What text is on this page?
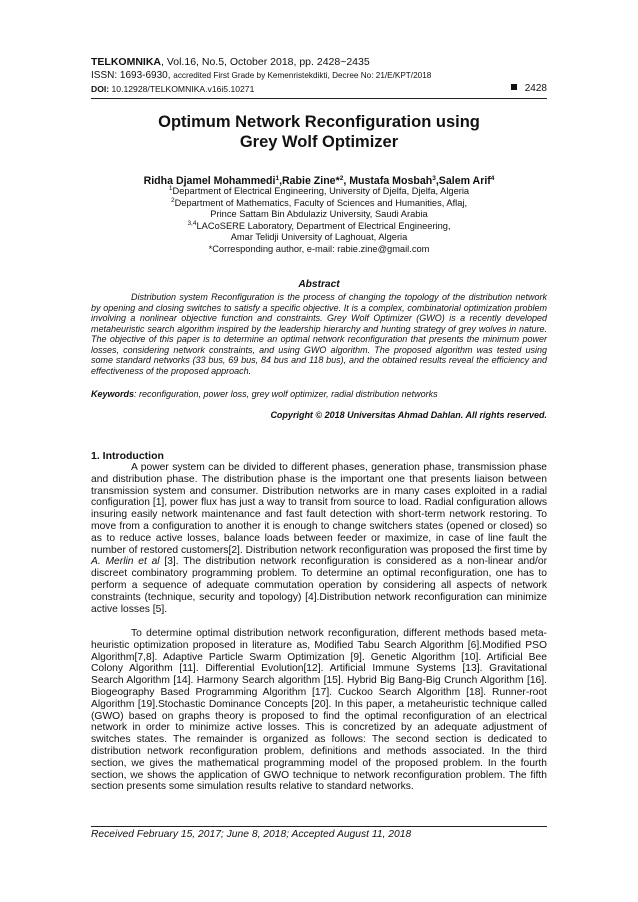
TELKOMNIKA, Vol.16, No.5, October 2018, pp. 2428~2435
ISSN: 1693-6930, accredited First Grade by Kemenristekdikti, Decree No: 21/E/KPT/2018
DOI: 10.12928/TELKOMNIKA.v16i5.10271	2428
Optimum Network Reconfiguration using
Grey Wolf Optimizer
Ridha Djamel Mohammedi$^1$,Rabie Zine*$^2$, Mustafa Mosbah$^3$,Salem Arif$^4$
$^1$Department of Electrical Engineering, University of Djelfa, Djelfa, Algeria
$^2$Department of Mathematics, Faculty of Sciences and Humanities, Aflaj,
Prince Sattam Bin Abdulaziz University, Saudi Arabia
$^{3,4}$LACoSERE Laboratory, Department of Electrical Engineering,
Amar Telidji University of Laghouat, Algeria
*Corresponding author, e-mail: rabie.zine@gmail.com
Abstract

Distribution system Reconfiguration is the process of changing the topology of the distribution network by opening and closing switches to satisfy a specific objective. It is a complex, combinatorial optimization problem involving a nonlinear objective function and constraints. Grey Wolf Optimizer (GWO) is a recently developed metaheuristic search algorithm inspired by the leadership hierarchy and hunting strategy of grey wolves in nature. The objective of this paper is to determine an optimal network reconfiguration that presents the minimum power losses, considering network constraints, and using GWO algorithm. The proposed algorithm was tested using some standard networks (33 bus, 69 bus, 84 bus and 118 bus), and the obtained results reveal the efficiency and effectiveness of the proposed approach.

Keywords: reconfiguration, power loss, grey wolf optimizer, radial distribution networks
Copyright © 2018 Universitas Ahmad Dahlan. All rights reserved.
1. Introduction

A power system can be divided to different phases, generation phase, transmission phase and distribution phase. The distribution phase is the important one that presents liaison between transmission system and consumer. Distribution networks are in many cases exploited in a radial configuration [1], power flux has just a way to transit from source to load. Radial configuration allows insuring easily network maintenance and fast fault detection with short-term network restoring. To move from a configuration to another it is enough to change switchers states (opened or closed) so as to reduce active losses, balance loads between feeder or maximize, in case of line fault the number of restored customers[2]. Distribution network reconfiguration was proposed the first time by A. Merlin et al [3]. The distribution network reconfiguration is considered as a non-linear and/or discreet combinatory programming problem. To determine an optimal reconfiguration, one has to perform a sequence of adequate commutation operation by considering all aspects of network constraints (technique, security and topology) [4].Distribution network reconfiguration can minimize active losses [5].

To determine optimal distribution network reconfiguration, different methods based meta-heuristic optimization proposed in literature as, Modified Tabu Search Algorithm [6].Modified PSO Algorithm[7,8]. Adaptive Particle Swarm Optimization [9]. Genetic Algorithm [10]. Artificial Bee Colony Algorithm [11]. Differential Evolution[12]. Artificial Immune Systems [13]. Gravitational Search Algorithm [14]. Harmony Search algorithm [15]. Hybrid Big Bang-Big Crunch Algorithm [16]. Biogeography Based Programming Algorithm [17]. Cuckoo Search Algorithm [18]. Runner-root Algorithm [19].Stochastic Dominance Concepts [20]. In this paper, a metaheuristic technique called (GWO) based on graphs theory is proposed to find the optimal reconfiguration of an electrical network in order to minimize active losses. This is concretized by an adequate adjustment of switches states. The remainder is organized as follows: The second section is dedicated to distribution network reconfiguration problem, definitions and methods associated. In the third section, we gives the mathematical programming model of the proposed problem. In the fourth section, we shows the application of GWO technique to network reconfiguration problem. The fifth section presents some simulation results relative to standard networks.

Received February 15, 2017; June 8, 2018; Accepted August 11, 2018
